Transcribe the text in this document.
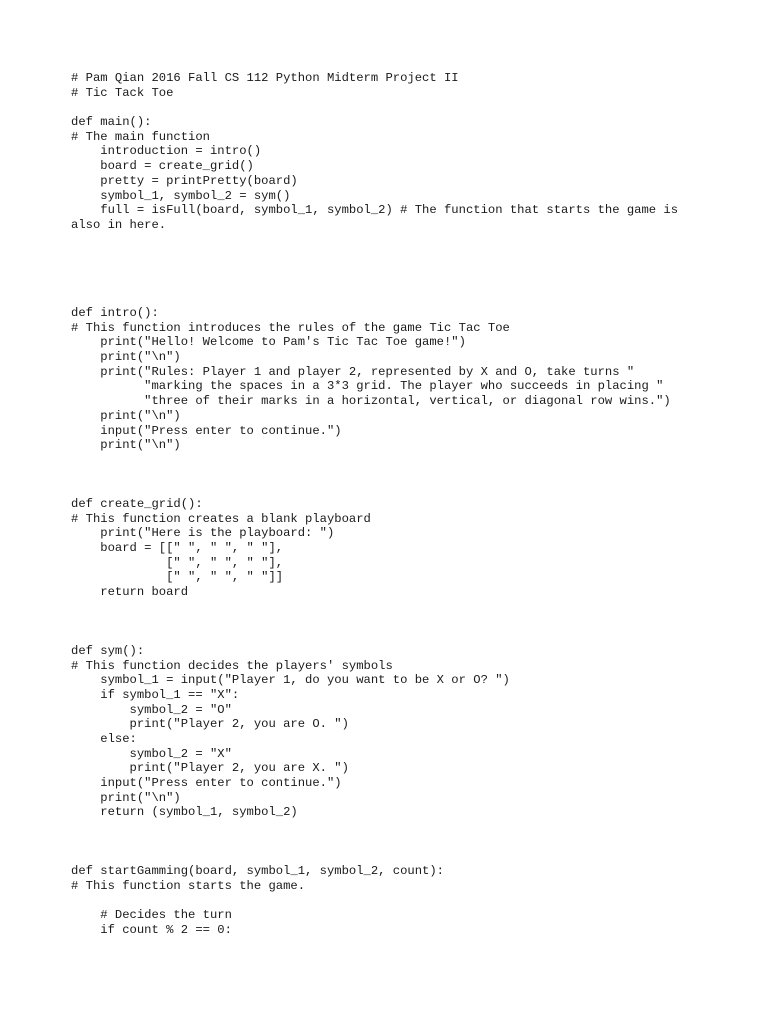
# Pam Qian 2016 Fall CS 112 Python Midterm Project II
# Tic Tack Toe
def main():
# The main function
introduction = intro()
board = create_grid()
pretty = printPretty(board)
symbol_1, symbol_2 = sym()
full = isFull(board, symbol_1, symbol_2) # The function that starts the game is
also in here.
def intro():
# This function introduces the rules of the game Tic Tac Toe
print("Hello! Welcome to Pam's Tic Tac Toe game!")
print("\n")
print("Rules: Player 1 and player 2, represented by X and O, take turns "
"marking the spaces in a 3*3 grid. The player who succeeds in placing "
"three of their marks in a horizontal, vertical, or diagonal row wins.")
print("\n")
input("Press enter to continue.")
print("\n")
def create_grid():
# This function creates a blank playboard
print("Here is the playboard: ")
board = [[" ", " ", " "],
[" ", " ", " "],
[" ", " ", " "]]
return board
def sym():
# This function decides the players' symbols
symbol_1 = input("Player 1, do you want to be X or O? ")
if symbol_1 == "X":
symbol_2 = "O"
print("Player 2, you are O. ")
else:
symbol_2 = "X"
print("Player 2, you are X. ")
input("Press enter to continue.")
print("\n")
return (symbol_1, symbol_2)
def startGamming(board, symbol_1, symbol_2, count):
# This function starts the game.
# Decides the turn
if count % 2 == 0:
